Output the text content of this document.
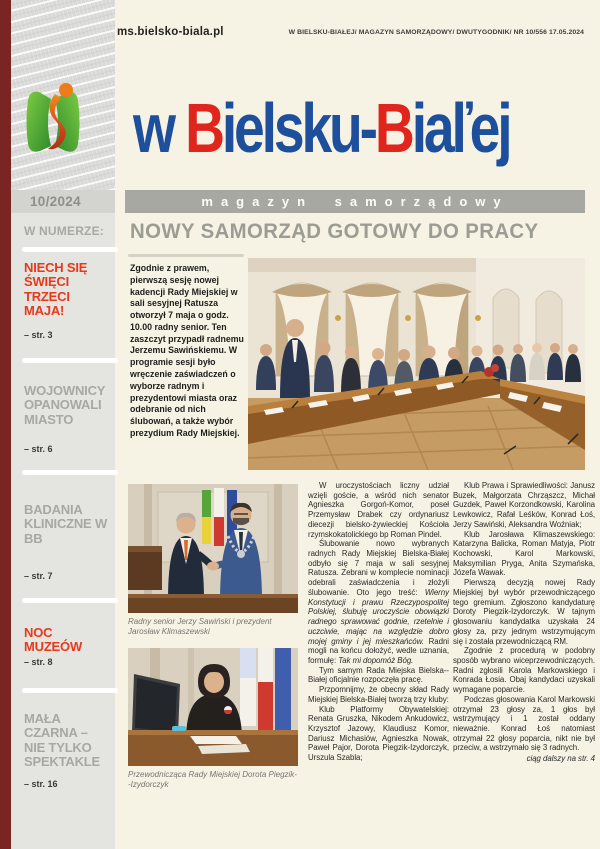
ms.bielsko-biala.pl	W BIELSKU-BIAŁEJ/ MAGAZYN SAMORZĄDOWY/ DWUTYGODNIK/ NR 10/556 17.05.2024
w Bielsku-Biaľej
10/2024	magazyn samorządowy
W NUMERZE:
NIECH SIĘ ŚWIĘCI TRZECI MAJA!
– str. 3
WOJOWNICY OPANOWALI MIASTO
– str. 6
BADANIA KLINICZNE W BB
– str. 7
NOC MUZEÓW
– str. 8
MAŁA CZARNA – NIE TYLKO SPEKTAKLE
– str. 16
NOWY SAMORZĄD GOTOWY DO PRACY
Zgodnie z prawem, pierwszą sesję nowej kadencji Rady Miejskiej w sali sesyjnej Ratusza otworzył 7 maja o godz. 10.00 radny senior. Ten zaszczyt przypadł radnemu Jerzemu Sawińskiemu. W programie sesji było wręczenie zaświadczeń o wyborze radnym i prezydentowi miasta oraz odebranie od nich ślubowań, a także wybór prezydium Rady Miejskiej.
Radny senior Jerzy Sawiński i prezydent Jarosław Klimaszewski
Przewodnicząca Rady Miejskiej Dorota Piegzik--Izydorczyk

W uroczystościach liczny udział wzięli goście, a wśród nich senator Agnieszka Gorgoń-Komor, poseł Przemysław Drabek czy ordynariusz diecezji bielsko-żywieckiej Kościoła rzymskokatolickiego bp Roman Pindel.

Ślubowanie nowo wybranych radnych Rady Miejskiej Bielska-Białej odbyło się 7 maja w sali sesyjnej Ratusza. Zebrani w komplecie nominacji odebrali zaświadczenia i złożyli ślubowanie. Oto jego treść: Wierny Konstytucji i prawu Rzeczypospolitej Polskiej, ślubuję uroczyście obowiązki radnego sprawować godnie, rzetelnie i uczciwie, mając na względzie dobro mojej gminy i jej mieszkańców. Radni mogli na końcu dołożyć, wedle uznania, formułę: Tak mi dopomóż Bóg.

Tym samym Rada Miejska Bielska--Białej oficjalnie rozpoczęła pracę.

Przpomnijmy, że obecny skład Rady Miejskiej Bielska-Białej tworzą trzy kluby:

Klub Platformy Obywatelskiej: Renata Gruszka, Nikodem Ankudowicz, Krzysztof Jazowy, Klaudiusz Komor, Dariusz Michasiów, Agnieszka Nowak, Paweł Pajor, Dorota Piegzik-Izydorczyk, Urszula Szabla;

Klub Prawa i Sprawiedliwości: Janusz Buzek, Małgorzata Chrząszcz, Michał Guzdek, Paweł Korzondkowski, Karolina Lewkowicz, Rafał Leśków, Konrad Łoś, Jerzy Sawiński, Aleksandra Woźniak;

Klub Jarosława Klimaszewskiego: Katarzyna Balicka, Roman Matyja, Piotr Kochowski, Karol Markowski, Maksymilian Pryga, Anita Szymańska, Józefa Wawak.

Pierwszą decyzją nowej Rady Miejskiej był wybór przewodniczącego tego gremium. Zgłoszono kandydaturę Doroty Piegzik-Izydorczyk. W tajnym głosowaniu kandydatka uzyskała 24 głosy za, przy jednym wstrzymującym się i została przewodniczącą RM.

Zgodnie z procedurą w podobny sposób wybrano wiceprzewodniczących. Radni zgłosili Karola Markowskiego i Konrada Łosia. Obaj kandydaci uzyskali wymagane poparcie.

Podczas głosowania Karol Markowski otrzymał 23 głosy za, 1 głos był wstrzymujący i 1 został oddany nieważnie. Konrad Łoś natomiast otrzymał 22 głosy poparcia, nikt nie był przeciw, a wstrzymało się 3 radnych.

ciąg dalszy na str. 4
